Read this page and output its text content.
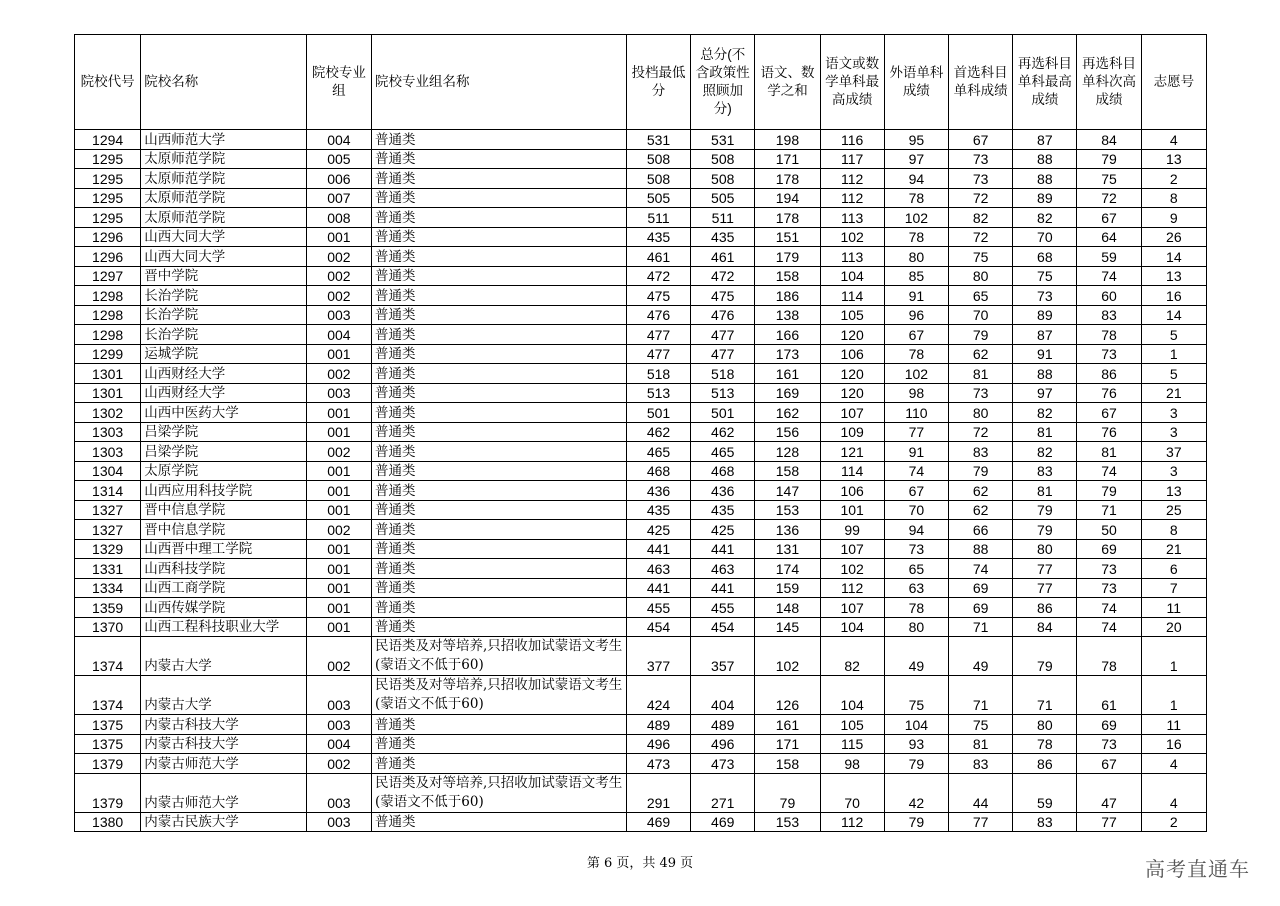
院校代号	院校名称	院校专业组	院校专业组名称	投档最低分	总分(不含政策性照顾加分)	语文、数学之和	语文或数学单科最高成绩	外语单科成绩	首选科目单科成绩	再选科目单科最高成绩	再选科目单科次高成绩	志愿号
1294	山西师范大学	004	普通类	531	531	198	116	95	67	87	84	4
1295	太原师范学院	005	普通类	508	508	171	117	97	73	88	79	13
1295	太原师范学院	006	普通类	508	508	178	112	94	73	88	75	2
1295	太原师范学院	007	普通类	505	505	194	112	78	72	89	72	8
1295	太原师范学院	008	普通类	511	511	178	113	102	82	82	67	9
1296	山西大同大学	001	普通类	435	435	151	102	78	72	70	64	26
1296	山西大同大学	002	普通类	461	461	179	113	80	75	68	59	14
1297	晋中学院	002	普通类	472	472	158	104	85	80	75	74	13
1298	长治学院	002	普通类	475	475	186	114	91	65	73	60	16
1298	长治学院	003	普通类	476	476	138	105	96	70	89	83	14
1298	长治学院	004	普通类	477	477	166	120	67	79	87	78	5
1299	运城学院	001	普通类	477	477	173	106	78	62	91	73	1
1301	山西财经大学	002	普通类	518	518	161	120	102	81	88	86	5
1301	山西财经大学	003	普通类	513	513	169	120	98	73	97	76	21
1302	山西中医药大学	001	普通类	501	501	162	107	110	80	82	67	3
1303	吕梁学院	001	普通类	462	462	156	109	77	72	81	76	3
1303	吕梁学院	002	普通类	465	465	128	121	91	83	82	81	37
1304	太原学院	001	普通类	468	468	158	114	74	79	83	74	3
1314	山西应用科技学院	001	普通类	436	436	147	106	67	62	81	79	13
1327	晋中信息学院	001	普通类	435	435	153	101	70	62	79	71	25
1327	晋中信息学院	002	普通类	425	425	136	99	94	66	79	50	8
1329	山西晋中理工学院	001	普通类	441	441	131	107	73	88	80	69	21
1331	山西科技学院	001	普通类	463	463	174	102	65	74	77	73	6
1334	山西工商学院	001	普通类	441	441	159	112	63	69	77	73	7
1359	山西传媒学院	001	普通类	455	455	148	107	78	69	86	74	11
1370	山西工程科技职业大学	001	普通类	454	454	145	104	80	71	84	74	20
1374	内蒙古大学	002	民语类及对等培养,只招收加试蒙语文考生(蒙语文不低于60)	377	357	102	82	49	49	79	78	1
1374	内蒙古大学	003	民语类及对等培养,只招收加试蒙语文考生(蒙语文不低于60)	424	404	126	104	75	71	71	61	1
1375	内蒙古科技大学	003	普通类	489	489	161	105	104	75	80	69	11
1375	内蒙古科技大学	004	普通类	496	496	171	115	93	81	78	73	16
1379	内蒙古师范大学	002	普通类	473	473	158	98	79	83	86	67	4
1379	内蒙古师范大学	003	民语类及对等培养,只招收加试蒙语文考生(蒙语文不低于60)	291	271	79	70	42	44	59	47	4
1380	内蒙古民族大学	003	普通类	469	469	153	112	79	77	83	77	2
第 6 页，共 49 页	高考直通车
